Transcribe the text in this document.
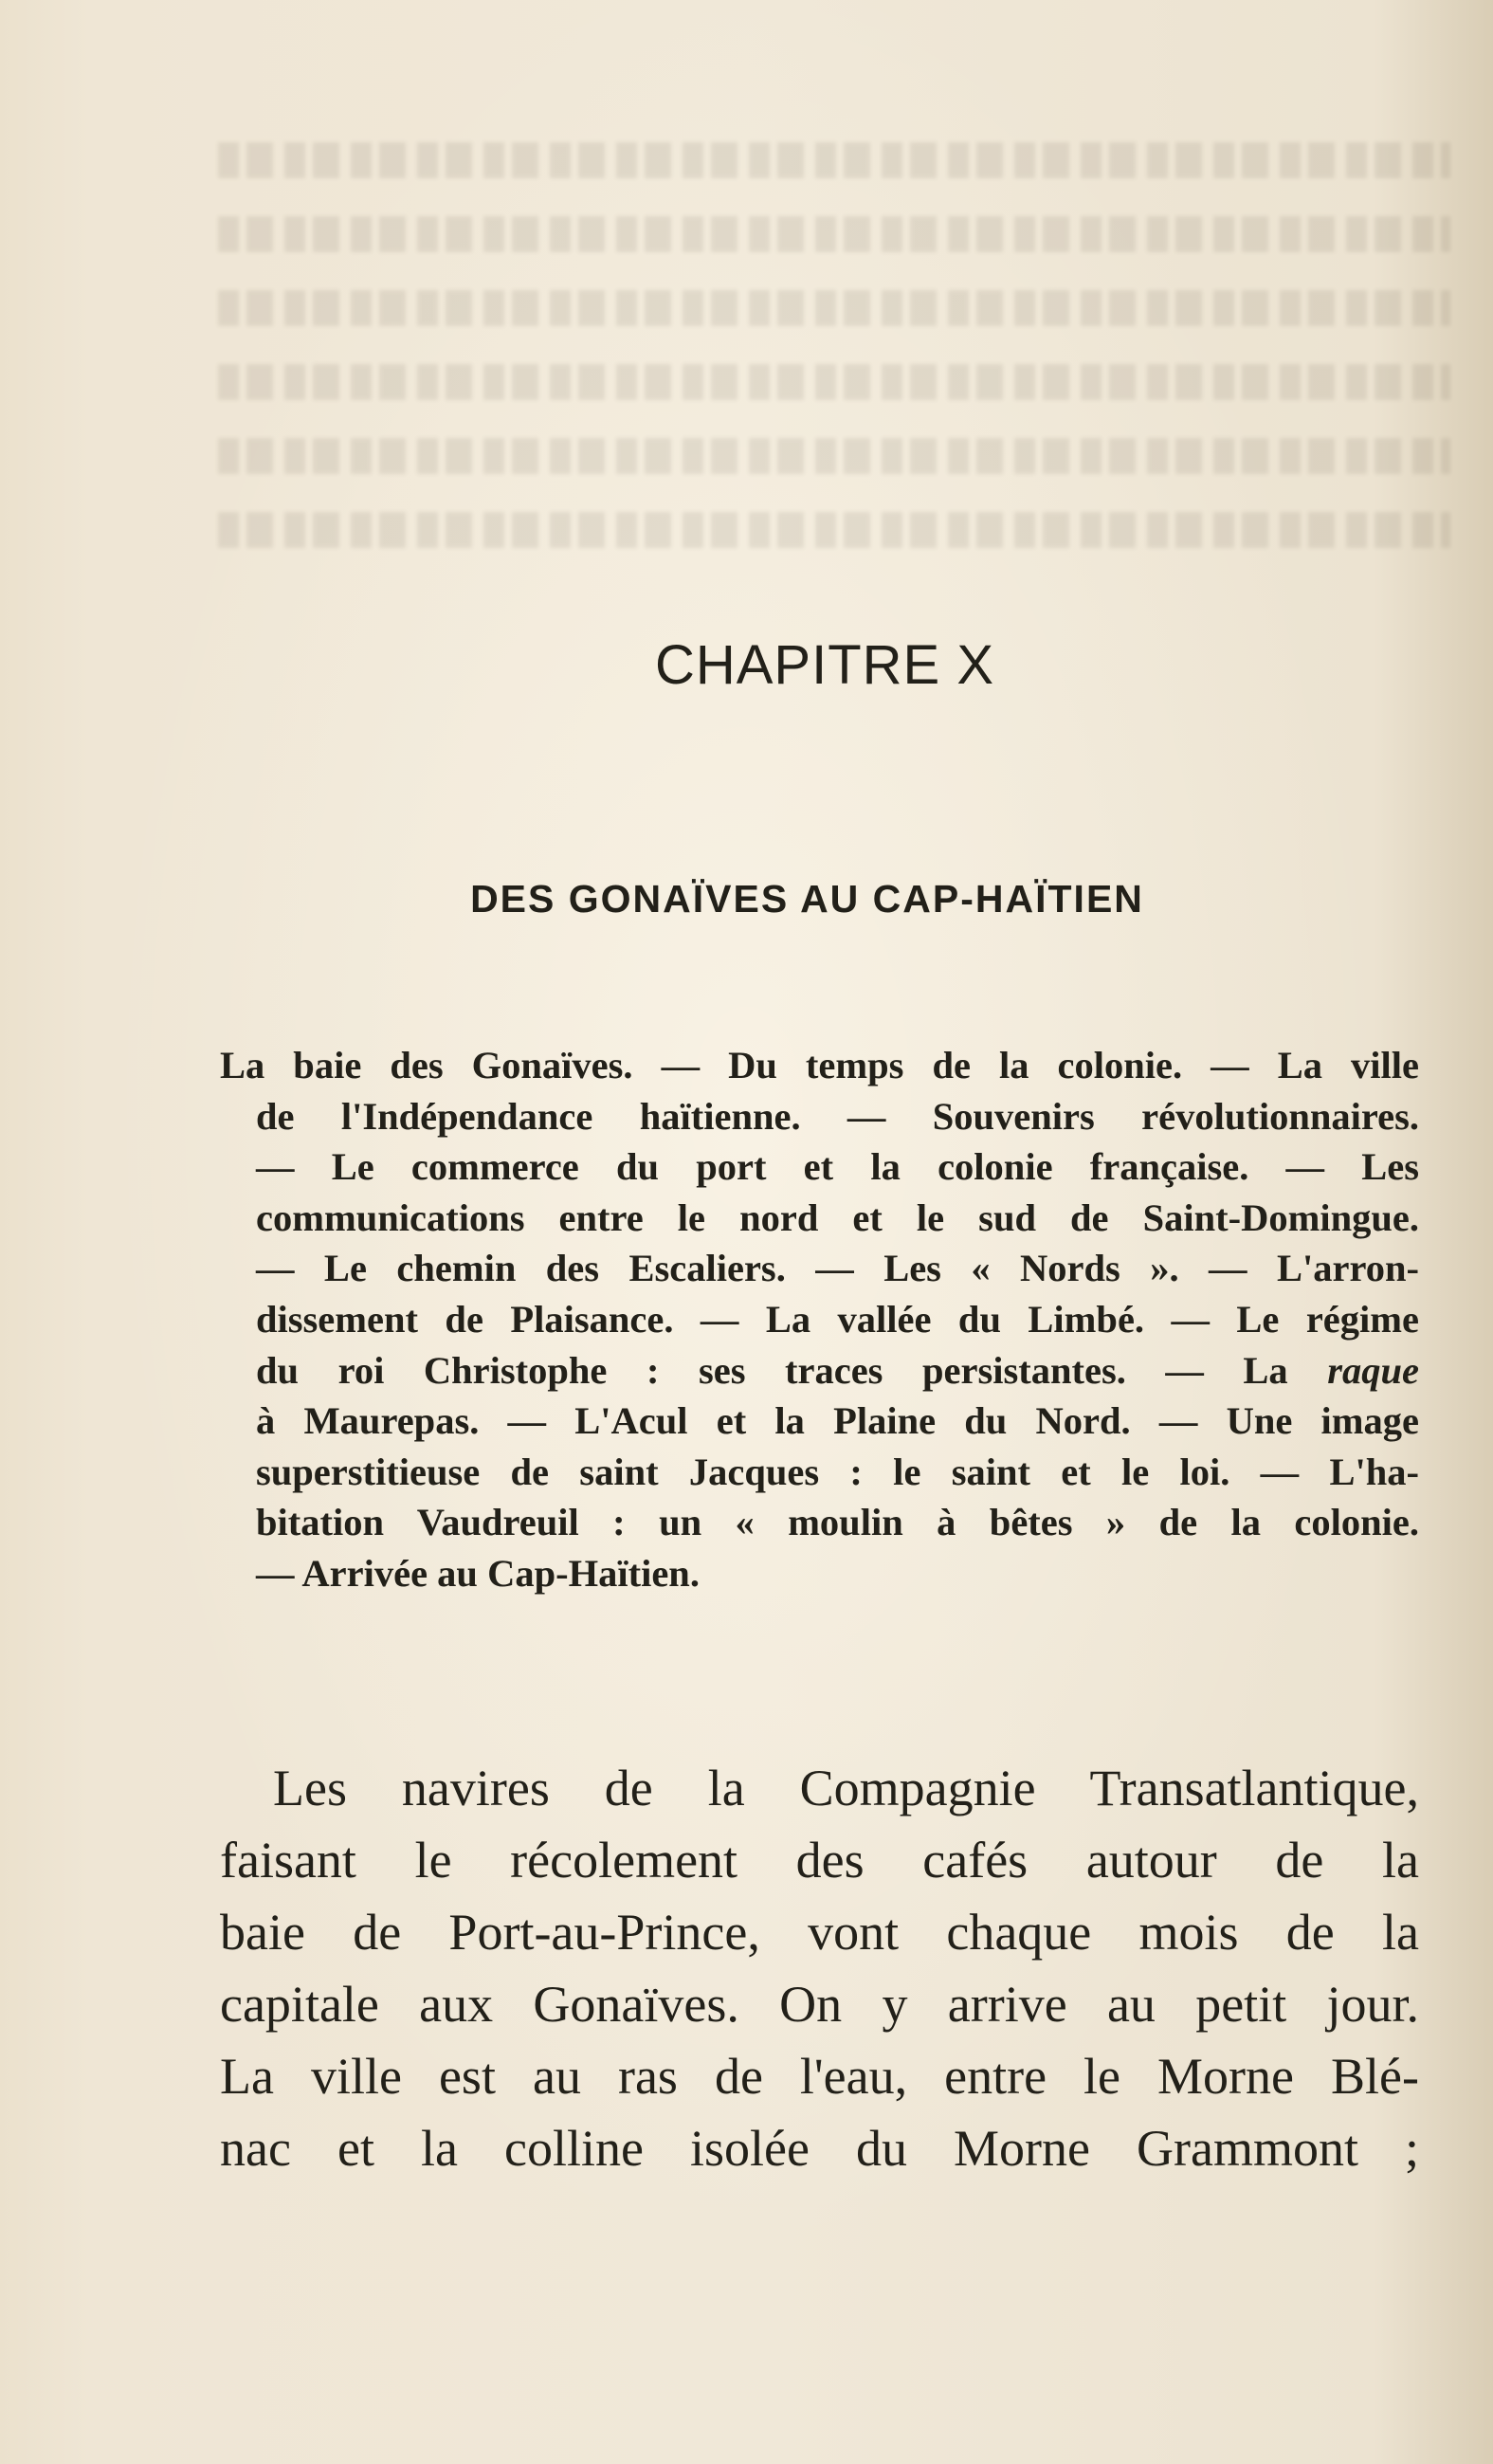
CHAPITRE X
DES GONAÏVES AU CAP-HAÏTIEN
La baie des Gonaïves. — Du temps de la colonie. — La ville
de l'Indépendance haïtienne. — Souvenirs révolutionnaires.
— Le commerce du port et la colonie française. — Les
communications entre le nord et le sud de Saint-Domingue.
— Le chemin des Escaliers. — Les « Nords ». — L'arron-
dissement de Plaisance. — La vallée du Limbé. — Le régime
du roi Christophe : ses traces persistantes. — La raque
à Maurepas. — L'Acul et la Plaine du Nord. — Une image
superstitieuse de saint Jacques : le saint et le loi. — L'ha-
bitation Vaudreuil : un « moulin à bêtes » de la colonie.
— Arrivée au Cap-Haïtien.
Les navires de la Compagnie Transatlantique,
faisant le récolement des cafés autour de la
baie de Port-au-Prince, vont chaque mois de la
capitale aux Gonaïves. On y arrive au petit jour.
La ville est au ras de l'eau, entre le Morne Blé-
nac et la colline isolée du Morne Grammont ;
